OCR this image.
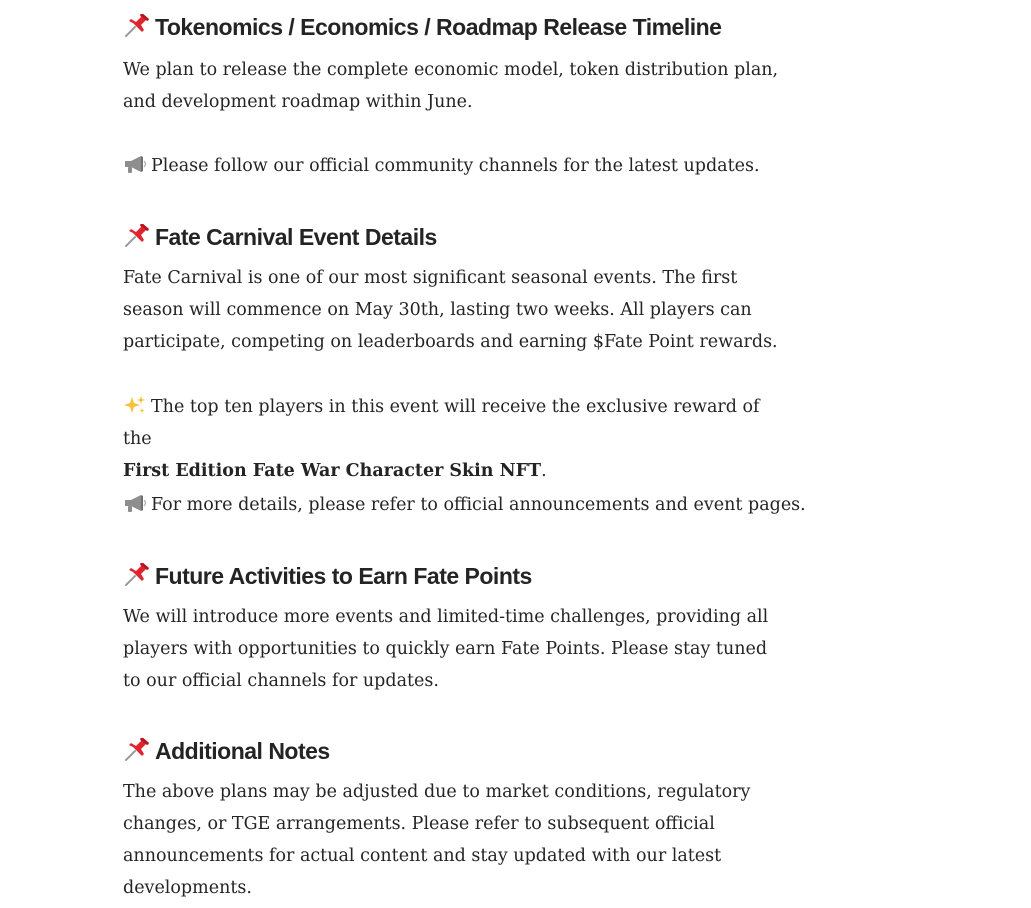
Tokenomics / Economics / Roadmap Release Timeline

We plan to release the complete economic model, token distribution plan, and development roadmap within June.

Please follow our official community channels for the latest updates.

Fate Carnival Event Details

Fate Carnival is one of our most significant seasonal events. The first season will commence on May 30th, lasting two weeks. All players can participate, competing on leaderboards and earning $Fate Point rewards.

The top ten players in this event will receive the exclusive reward of the
First Edition Fate War Character Skin NFT.

For more details, please refer to official announcements and event pages.

Future Activities to Earn Fate Points

We will introduce more events and limited-time challenges, providing all players with opportunities to quickly earn Fate Points. Please stay tuned to our official channels for updates.

Additional Notes

The above plans may be adjusted due to market conditions, regulatory changes, or TGE arrangements. Please refer to subsequent official announcements for actual content and stay updated with our latest developments.
